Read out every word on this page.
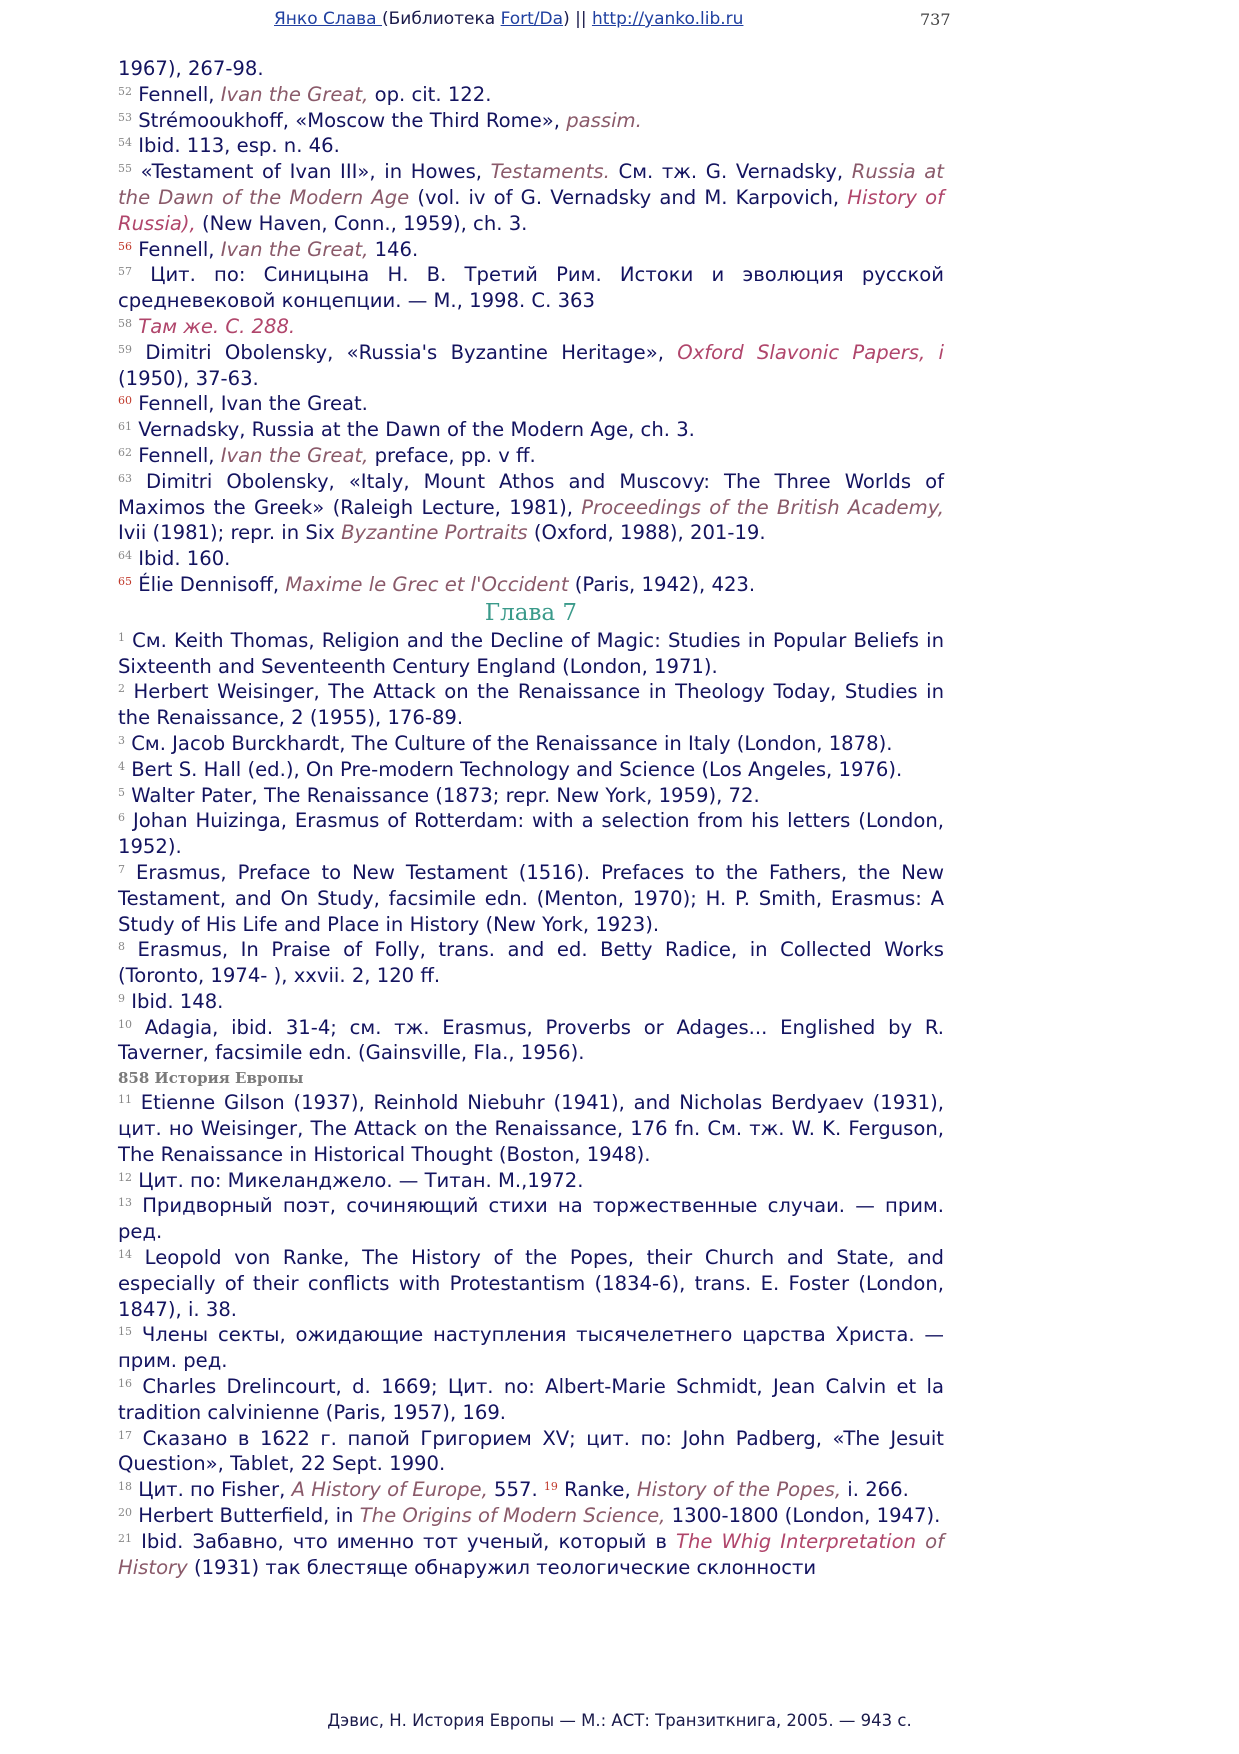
Янко Слава (Библиотека Fort/Da) || http://yanko.lib.ru	737

1967), 267-98.

$^{52}$ Fennell, Ivan the Great, op. cit. 122.

$^{53}$ Strémooukhoff, «Moscow the Third Rome», passim.

$^{54}$ Ibid. 113, esp. n. 46.

$^{55}$ «Testament of Ivan III», in Howes, Testaments. См. тж. G. Vernadsky, Russia at the Dawn of the Modern Age (vol. iv of G. Vernadsky and M. Karpovich, History of Russia), (New Haven, Conn., 1959), ch. 3.

$^{56}$ Fennell, Ivan the Great, 146.

$^{57}$ Цит. по: Синицына Н. В. Третий Рим. Истоки и эволюция русской средневековой концепции. — М., 1998. С. 363

$^{58}$ Там же. С. 288.

$^{59}$ Dimitri Obolensky, «Russia's Byzantine Heritage», Oxford Slavonic Papers, i (1950), 37-63.

$^{60}$ Fennell, Ivan the Great.

$^{61}$ Vernadsky, Russia at the Dawn of the Modern Age, ch. 3.

$^{62}$ Fennell, Ivan the Great, preface, pp. v ff.

$^{63}$ Dimitri Obolensky, «Italy, Mount Athos and Muscovy: The Three Worlds of Maximos the Greek» (Raleigh Lecture, 1981), Proceedings of the British Academy, Ivii (1981); repr. in Six Byzantine Portraits (Oxford, 1988), 201-19.

$^{64}$ Ibid. 160.

$^{65}$ Élie Dennisoff, Maxime le Grec et l'Occident (Paris, 1942), 423.

Глава 7

$^1$ См. Keith Thomas, Religion and the Decline of Magic: Studies in Popular Beliefs in Sixteenth and Seventeenth Century England (London, 1971).

$^2$ Herbert Weisinger, The Attack on the Renaissance in Theology Today, Studies in the Renaissance, 2 (1955), 176-89.

$^3$ См. Jacob Burckhardt, The Culture of the Renaissance in Italy (London, 1878).

$^4$ Bert S. Hall (ed.), On Pre-modern Technology and Science (Los Angeles, 1976).

$^5$ Walter Pater, The Renaissance (1873; repr. New York, 1959), 72.

$^6$ Johan Huizinga, Erasmus of Rotterdam: with a selection from his letters (London, 1952).

$^7$ Erasmus, Preface to New Testament (1516). Prefaces to the Fathers, the New Testament, and On Study, facsimile edn. (Menton, 1970); H. P. Smith, Erasmus: A Study of His Life and Place in History (New York, 1923).

$^8$ Erasmus, In Praise of Folly, trans. and ed. Betty Radice, in Collected Works (Toronto, 1974- ), xxvii. 2, 120 ff.

$^9$ Ibid. 148.

$^{10}$ Adagia, ibid. 31-4; см. тж. Erasmus, Proverbs or Adages... Englished by R. Taverner, facsimile edn. (Gainsville, Fla., 1956).

858 История Европы

$^{11}$ Etienne Gilson (1937), Reinhold Niebuhr (1941), and Nicholas Berdyaev (1931), цит. но Weisinger, The Attack on the Renaissance, 176 fn. См. тж. W. K. Ferguson, The Renaissance in Historical Thought (Boston, 1948).

$^{12}$ Цит. по: Микеланджело. — Титан. М.,1972.

$^{13}$ Придворный поэт, сочиняющий стихи на торжественные случаи. — прим. ред.

$^{14}$ Leopold von Ranke, The History of the Popes, their Church and State, and especially of their conflicts with Protestantism (1834-6), trans. E. Foster (London, 1847), i. 38.

$^{15}$ Члены секты, ожидающие наступления тысячелетнего царства Христа. — прим. ред.

$^{16}$ Charles Drelincourt, d. 1669; Цит. no: Albert-Marie Schmidt, Jean Calvin et la tradition calvinienne (Paris, 1957), 169.

$^{17}$ Сказано в 1622 г. папой Григорием XV; цит. по: John Padberg, «The Jesuit Question», Tablet, 22 Sept. 1990.

$^{18}$ Цит. по Fisher, A History of Europe, 557. $^{19}$ Ranke, History of the Popes, i. 266.

$^{20}$ Herbert Butterfield, in The Origins of Modern Science, 1300-1800 (London, 1947).

$^{21}$ Ibid. Забавно, что именно тот ученый, который в The Whig Interpretation of History (1931) так блестяще обнаружил теологические склонности

Дэвис, Н. История Европы — М.: АСТ: Транзиткнига, 2005. — 943 с.
